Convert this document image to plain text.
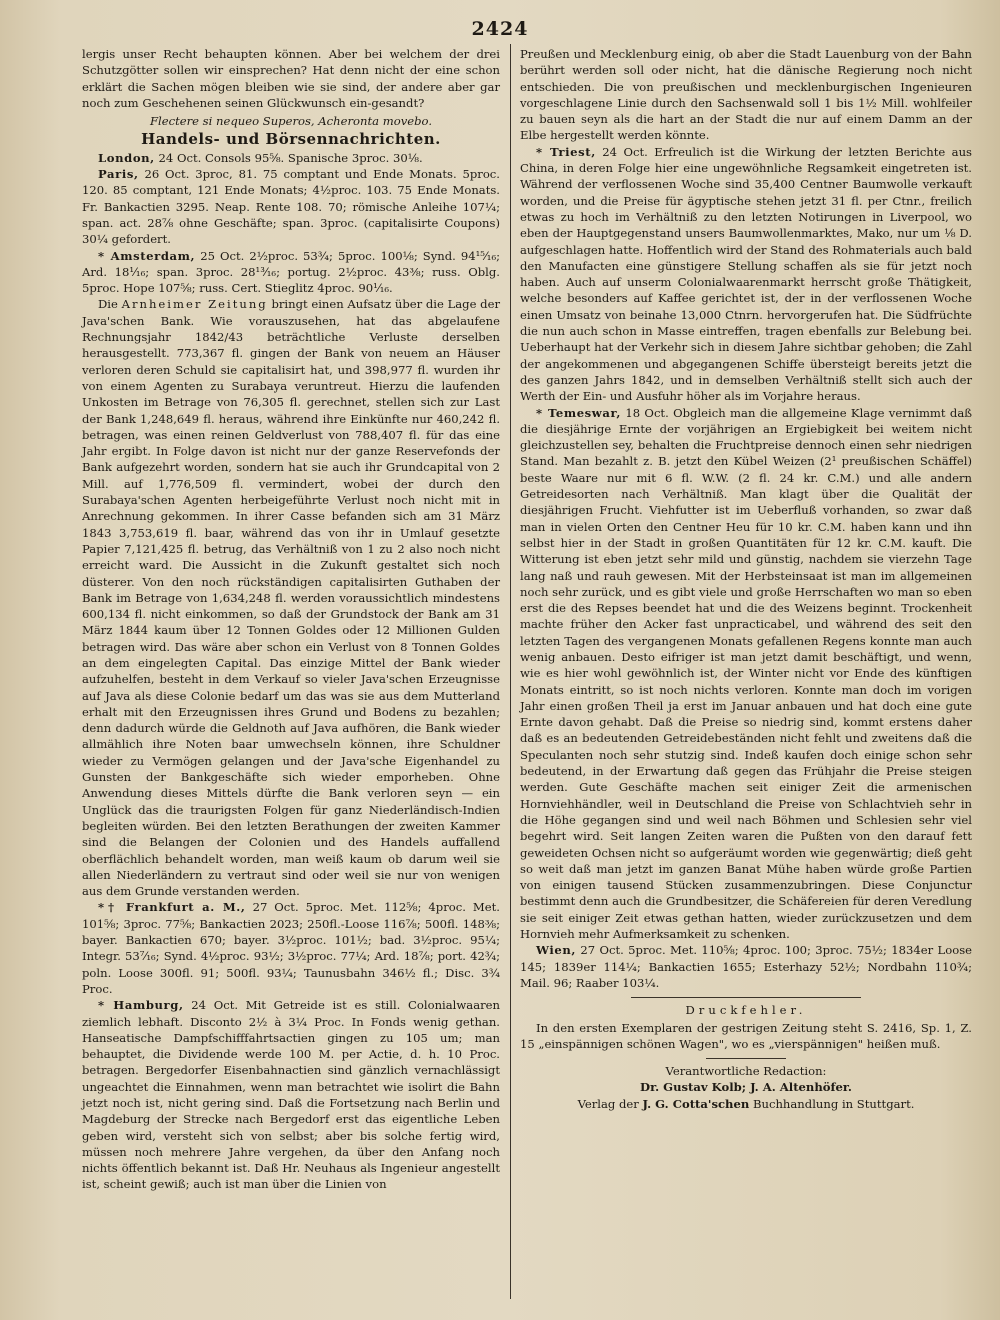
2424

lergis unser Recht behaupten können. Aber bei welchem der drei Schutzgötter sollen wir einsprechen? Hat denn nicht der eine schon erklärt die Sachen mögen bleiben wie sie sind, der andere aber gar noch zum Geschehenen seinen Glückwunsch ein-gesandt?

Flectere si nequeo Superos, Acheronta movebo.
Handels- und Börsennachrichten.

London, 24 Oct. Consols 95⅝. Spanische 3proc. 30⅛.

Paris, 26 Oct. 3proc, 81. 75 comptant und Ende Monats. 5proc. 120. 85 comptant, 121 Ende Monats; 4½proc. 103. 75 Ende Monats. Fr. Bankactien 3295. Neap. Rente 108. 70; römische Anleihe 107¼; span. act. 28⅞ ohne Geschäfte; span. 3proc. (capitalisirte Coupons) 30¼ gefordert.

* Amsterdam, 25 Oct. 2½proc. 53¾; 5proc. 100⅛; Synd. 94¹⁵⁄₁₆; Ard. 18¹⁄₁₆; span. 3proc. 28¹³⁄₁₆; portug. 2½proc. 43⅜; russ. Oblg. 5proc. Hope 107⅝; russ. Cert. Stieglitz 4proc. 90¹⁄₁₆.

Die Arnheimer Zeitung bringt einen Aufsatz über die Lage der Java'schen Bank. Wie vorauszusehen, hat das abgelaufene Rechnungsjahr 1842/43 beträchtliche Verluste derselben herausgestellt. 773,367 fl. gingen der Bank von neuem an Häuser verloren deren Schuld sie capitalisirt hat, und 398,977 fl. wurden ihr von einem Agenten zu Surabaya veruntreut. Hierzu die laufenden Unkosten im Betrage von 76,305 fl. gerechnet, stellen sich zur Last der Bank 1,248,649 fl. heraus, während ihre Einkünfte nur 460,242 fl. betragen, was einen reinen Geldverlust von 788,407 fl. für das eine Jahr ergibt. In Folge davon ist nicht nur der ganze Reservefonds der Bank aufgezehrt worden, sondern hat sie auch ihr Grundcapital von 2 Mill. auf 1,776,509 fl. vermindert, wobei der durch den Surabaya'schen Agenten herbeigeführte Verlust noch nicht mit in Anrechnung gekommen. In ihrer Casse befanden sich am 31 März 1843 3,753,619 fl. baar, während das von ihr in Umlauf gesetzte Papier 7,121,425 fl. betrug, das Verhältniß von 1 zu 2 also noch nicht erreicht ward. Die Aussicht in die Zukunft gestaltet sich noch düsterer. Von den noch rückständigen capitalisirten Guthaben der Bank im Betrage von 1,634,248 fl. werden voraussichtlich mindestens 600,134 fl. nicht einkommen, so daß der Grundstock der Bank am 31 März 1844 kaum über 12 Tonnen Goldes oder 12 Millionen Gulden betragen wird. Das wäre aber schon ein Verlust von 8 Tonnen Goldes an dem eingelegten Capital. Das einzige Mittel der Bank wieder aufzuhelfen, besteht in dem Verkauf so vieler Java'schen Erzeugnisse auf Java als diese Colonie bedarf um das was sie aus dem Mutterland erhalt mit den Erzeugnissen ihres Grund und Bodens zu bezahlen; denn dadurch würde die Geldnoth auf Java aufhören, die Bank wieder allmählich ihre Noten baar umwechseln können, ihre Schuldner wieder zu Vermögen gelangen und der Java'sche Eigenhandel zu Gunsten der Bankgeschäfte sich wieder emporheben. Ohne Anwendung dieses Mittels dürfte die Bank verloren seyn — ein Unglück das die traurigsten Folgen für ganz Niederländisch-Indien begleiten würden. Bei den letzten Berathungen der zweiten Kammer sind die Belangen der Colonien und des Handels auffallend oberflächlich behandelt worden, man weiß kaum ob darum weil sie allen Niederländern zu vertraut sind oder weil sie nur von wenigen aus dem Grunde verstanden werden.

*† Frankfurt a. M., 27 Oct. 5proc. Met. 112⅝; 4proc. Met. 101⅝; 3proc. 77⅝; Bankactien 2023; 250fl.-Loose 116⅞; 500fl. 148⅜; bayer. Bankactien 670; bayer. 3½proc. 101½; bad. 3½proc. 95¼; Integr. 53⁷⁄₁₆; Synd. 4½proc. 93½; 3½proc. 77¼; Ard. 18⅞; port. 42¾; poln. Loose 300fl. 91; 500fl. 93¼; Taunusbahn 346½ fl.; Disc. 3¾ Proc.

* Hamburg, 24 Oct. Mit Getreide ist es still. Colonialwaaren ziemlich lebhaft. Disconto 2½ à 3¼ Proc. In Fonds wenig gethan. Hanseatische Dampfschifffahrtsactien gingen zu 105 um; man behauptet, die Dividende werde 100 M. per Actie, d. h. 10 Proc. betragen. Bergedorfer Eisenbahnactien sind gänzlich vernachlässigt ungeachtet die Einnahmen, wenn man betrachtet wie isolirt die Bahn jetzt noch ist, nicht gering sind. Daß die Fortsetzung nach Berlin und Magdeburg der Strecke nach Bergedorf erst das eigentliche Leben geben wird, versteht sich von selbst; aber bis solche fertig wird, müssen noch mehrere Jahre vergehen, da über den Anfang noch nichts öffentlich bekannt ist. Daß Hr. Neuhaus als Ingenieur angestellt ist, scheint gewiß; auch ist man über die Linien von

Preußen und Mecklenburg einig, ob aber die Stadt Lauenburg von der Bahn berührt werden soll oder nicht, hat die dänische Regierung noch nicht entschieden. Die von preußischen und mecklenburgischen Ingenieuren vorgeschlagene Linie durch den Sachsenwald soll 1 bis 1½ Mill. wohlfeiler zu bauen seyn als die hart an der Stadt die nur auf einem Damm an der Elbe hergestellt werden könnte.

* Triest, 24 Oct. Erfreulich ist die Wirkung der letzten Berichte aus China, in deren Folge hier eine ungewöhnliche Regsamkeit eingetreten ist. Während der verflossenen Woche sind 35,400 Centner Baumwolle verkauft worden, und die Preise für ägyptische stehen jetzt 31 fl. per Ctnr., freilich etwas zu hoch im Verhältniß zu den letzten Notirungen in Liverpool, wo eben der Hauptgegenstand unsers Baumwollenmarktes, Mako, nur um ⅛ D. aufgeschlagen hatte. Hoffentlich wird der Stand des Rohmaterials auch bald den Manufacten eine günstigere Stellung schaffen als sie für jetzt noch haben. Auch auf unserm Colonialwaarenmarkt herrscht große Thätigkeit, welche besonders auf Kaffee gerichtet ist, der in der verflossenen Woche einen Umsatz von beinahe 13,000 Ctnrn. hervorgerufen hat. Die Südfrüchte die nun auch schon in Masse eintreffen, tragen ebenfalls zur Belebung bei. Ueberhaupt hat der Verkehr sich in diesem Jahre sichtbar gehoben; die Zahl der angekommenen und abgegangenen Schiffe übersteigt bereits jetzt die des ganzen Jahrs 1842, und in demselben Verhältniß stellt sich auch der Werth der Ein- und Ausfuhr höher als im Vorjahre heraus.

* Temeswar, 18 Oct. Obgleich man die allgemeine Klage vernimmt daß die diesjährige Ernte der vorjährigen an Ergiebigkeit bei weitem nicht gleichzustellen sey, behalten die Fruchtpreise dennoch einen sehr niedrigen Stand. Man bezahlt z. B. jetzt den Kübel Weizen (2¹ preußischen Schäffel) beste Waare nur mit 6 fl. W.W. (2 fl. 24 kr. C.M.) und alle andern Getreidesorten nach Verhältniß. Man klagt über die Qualität der diesjährigen Frucht. Viehfutter ist im Ueberfluß vorhanden, so zwar daß man in vielen Orten den Centner Heu für 10 kr. C.M. haben kann und ihn selbst hier in der Stadt in großen Quantitäten für 12 kr. C.M. kauft. Die Witterung ist eben jetzt sehr mild und günstig, nachdem sie vierzehn Tage lang naß und rauh gewesen. Mit der Herbsteinsaat ist man im allgemeinen noch sehr zurück, und es gibt viele und große Herrschaften wo man so eben erst die des Repses beendet hat und die des Weizens beginnt. Trockenheit machte früher den Acker fast unpracticabel, und während des seit den letzten Tagen des vergangenen Monats gefallenen Regens konnte man auch wenig anbauen. Desto eifriger ist man jetzt damit beschäftigt, und wenn, wie es hier wohl gewöhnlich ist, der Winter nicht vor Ende des künftigen Monats eintritt, so ist noch nichts verloren. Konnte man doch im vorigen Jahr einen großen Theil ja erst im Januar anbauen und hat doch eine gute Ernte davon gehabt. Daß die Preise so niedrig sind, kommt erstens daher daß es an bedeutenden Getreidebeständen nicht fehlt und zweitens daß die Speculanten noch sehr stutzig sind. Indeß kaufen doch einige schon sehr bedeutend, in der Erwartung daß gegen das Frühjahr die Preise steigen werden. Gute Geschäfte machen seit einiger Zeit die armenischen Hornviehhändler, weil in Deutschland die Preise von Schlachtvieh sehr in die Höhe gegangen sind und weil nach Böhmen und Schlesien sehr viel begehrt wird. Seit langen Zeiten waren die Pußten von den darauf fett geweideten Ochsen nicht so aufgeräumt worden wie gegenwärtig; dieß geht so weit daß man jetzt im ganzen Banat Mühe haben würde große Partien von einigen tausend Stücken zusammenzubringen. Diese Conjunctur bestimmt denn auch die Grundbesitzer, die Schäfereien für deren Veredlung sie seit einiger Zeit etwas gethan hatten, wieder zurückzusetzen und dem Hornvieh mehr Aufmerksamkeit zu schenken.

Wien, 27 Oct. 5proc. Met. 110⅝; 4proc. 100; 3proc. 75½; 1834er Loose 145; 1839er 114¼; Bankactien 1655; Esterhazy 52½; Nordbahn 110¾; Mail. 96; Raaber 103¼.

Druckfehler.

In den ersten Exemplaren der gestrigen Zeitung steht S. 2416, Sp. 1, Z. 15 „einspännigen schönen Wagen", wo es „vierspännigen" heißen muß.

Verantwortliche Redaction:
Dr. Gustav Kolb; J. A. Altenhöfer.
Verlag der J. G. Cotta'schen Buchhandlung in Stuttgart.
